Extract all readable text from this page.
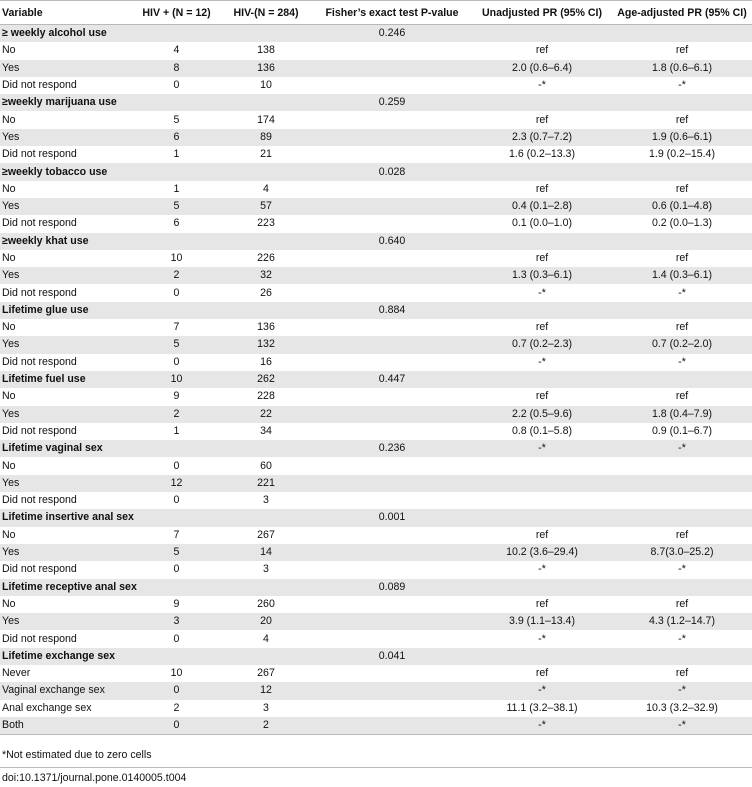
Variable	HIV + (N = 12)	HIV-(N = 284)	Fisher’s exact test P-value	Unadjusted PR (95% CI)	Age-adjusted PR (95% CI)
≥ weekly alcohol use			0.246		
No	4	138		ref	ref
Yes	8	136		2.0 (0.6–6.4)	1.8 (0.6–6.1)
Did not respond	0	10		-*	-*
≥weekly marijuana use			0.259		
No	5	174		ref	ref
Yes	6	89		2.3 (0.7–7.2)	1.9 (0.6–6.1)
Did not respond	1	21		1.6 (0.2–13.3)	1.9 (0.2–15.4)
≥weekly tobacco use			0.028		
No	1	4		ref	ref
Yes	5	57		0.4 (0.1–2.8)	0.6 (0.1–4.8)
Did not respond	6	223		0.1 (0.0–1.0)	0.2 (0.0–1.3)
≥weekly khat use			0.640		
No	10	226		ref	ref
Yes	2	32		1.3 (0.3–6.1)	1.4 (0.3–6.1)
Did not respond	0	26		-*	-*
Lifetime glue use			0.884		
No	7	136		ref	ref
Yes	5	132		0.7 (0.2–2.3)	0.7 (0.2–2.0)
Did not respond	0	16		-*	-*
Lifetime fuel use	10	262	0.447		
No	9	228		ref	ref
Yes	2	22		2.2 (0.5–9.6)	1.8 (0.4–7.9)
Did not respond	1	34		0.8 (0.1–5.8)	0.9 (0.1–6.7)
Lifetime vaginal sex			0.236	-*	-*
No	0	60			
Yes	12	221			
Did not respond	0	3			
Lifetime insertive anal sex			0.001		
No	7	267		ref	ref
Yes	5	14		10.2 (3.6–29.4)	8.7(3.0–25.2)
Did not respond	0	3		-*	-*
Lifetime receptive anal sex			0.089		
No	9	260		ref	ref
Yes	3	20		3.9 (1.1–13.4)	4.3 (1.2–14.7)
Did not respond	0	4		-*	-*
Lifetime exchange sex			0.041		
Never	10	267		ref	ref
Vaginal exchange sex	0	12		-*	-*
Anal exchange sex	2	3		11.1 (3.2–38.1)	10.3 (3.2–32.9)
Both	0	2		-*	-*
*Not estimated due to zero cells
doi:10.1371/journal.pone.0140005.t004
